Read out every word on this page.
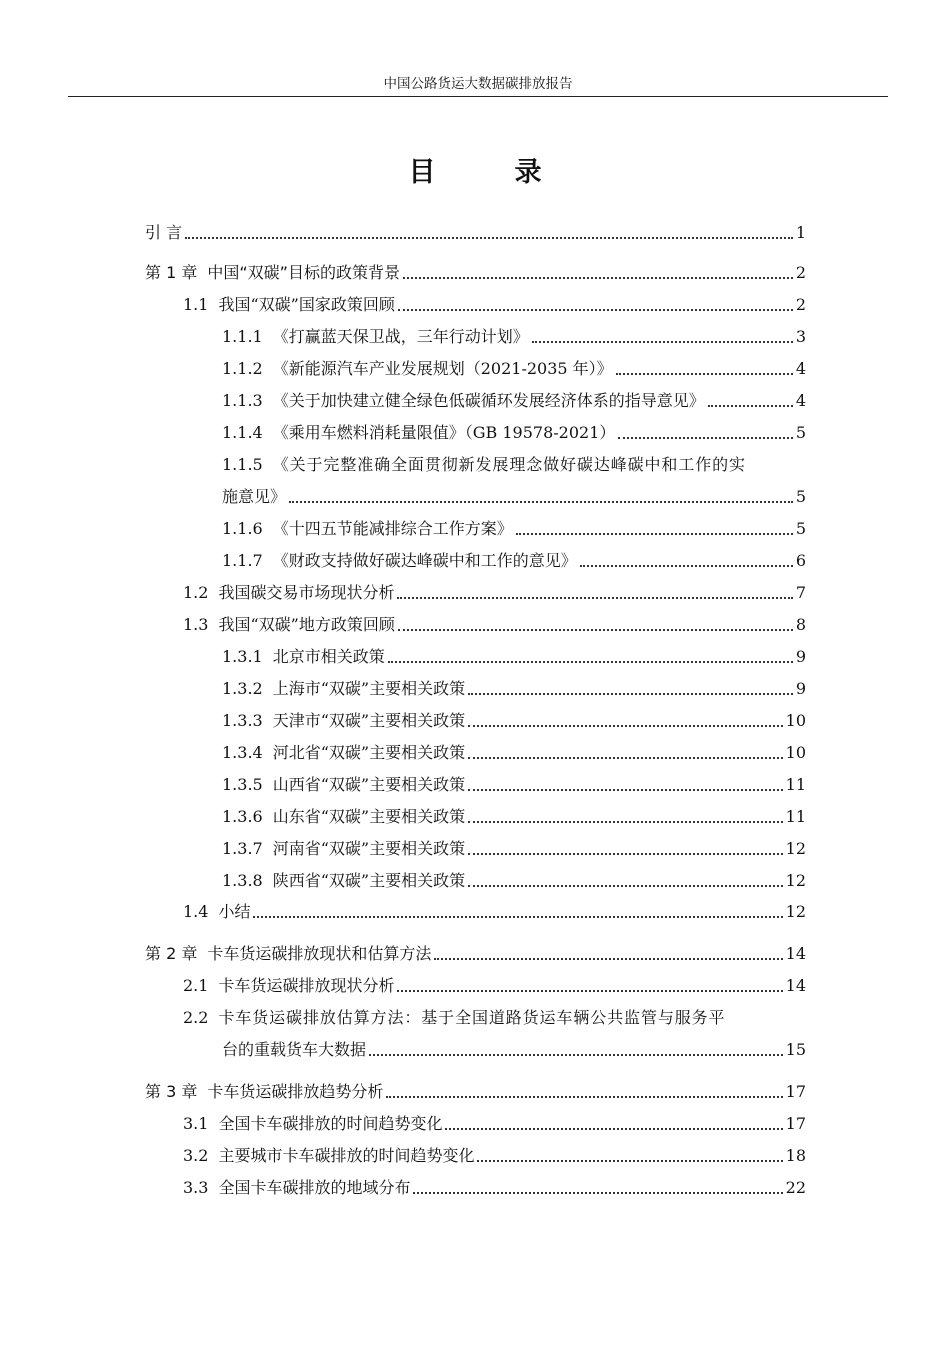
中国公路货运大数据碳排放报告
目　录
引 言	1
第 1 章 中国“双碳”目标的政策背景	2
1.1 我国“双碳”国家政策回顾	2
1.1.1 《打赢蓝天保卫战，三年行动计划》	3
1.1.2 《新能源汽车产业发展规划（2021-2035 年）》	4
1.1.3 《关于加快建立健全绿色低碳循环发展经济体系的指导意见》	4
1.1.4 《乘用车燃料消耗量限值》（GB 19578-2021）	5
1.1.5 《关于完整准确全面贯彻新发展理念做好碳达峰碳中和工作的实
施意见》	5
1.1.6 《十四五节能减排综合工作方案》	5
1.1.7 《财政支持做好碳达峰碳中和工作的意见》	6
1.2 我国碳交易市场现状分析	7
1.3 我国“双碳”地方政策回顾	8
1.3.1 北京市相关政策	9
1.3.2 上海市“双碳”主要相关政策	9
1.3.3 天津市“双碳”主要相关政策	10
1.3.4 河北省“双碳”主要相关政策	10
1.3.5 山西省“双碳”主要相关政策	11
1.3.6 山东省“双碳”主要相关政策	11
1.3.7 河南省“双碳”主要相关政策	12
1.3.8 陕西省“双碳”主要相关政策	12
1.4 小结	12
第 2 章 卡车货运碳排放现状和估算方法	14
2.1 卡车货运碳排放现状分析	14
2.2 卡车货运碳排放估算方法：基于全国道路货运车辆公共监管与服务平
台的重载货车大数据	15
第 3 章 卡车货运碳排放趋势分析	17
3.1 全国卡车碳排放的时间趋势变化	17
3.2 主要城市卡车碳排放的时间趋势变化	18
3.3 全国卡车碳排放的地域分布	22
